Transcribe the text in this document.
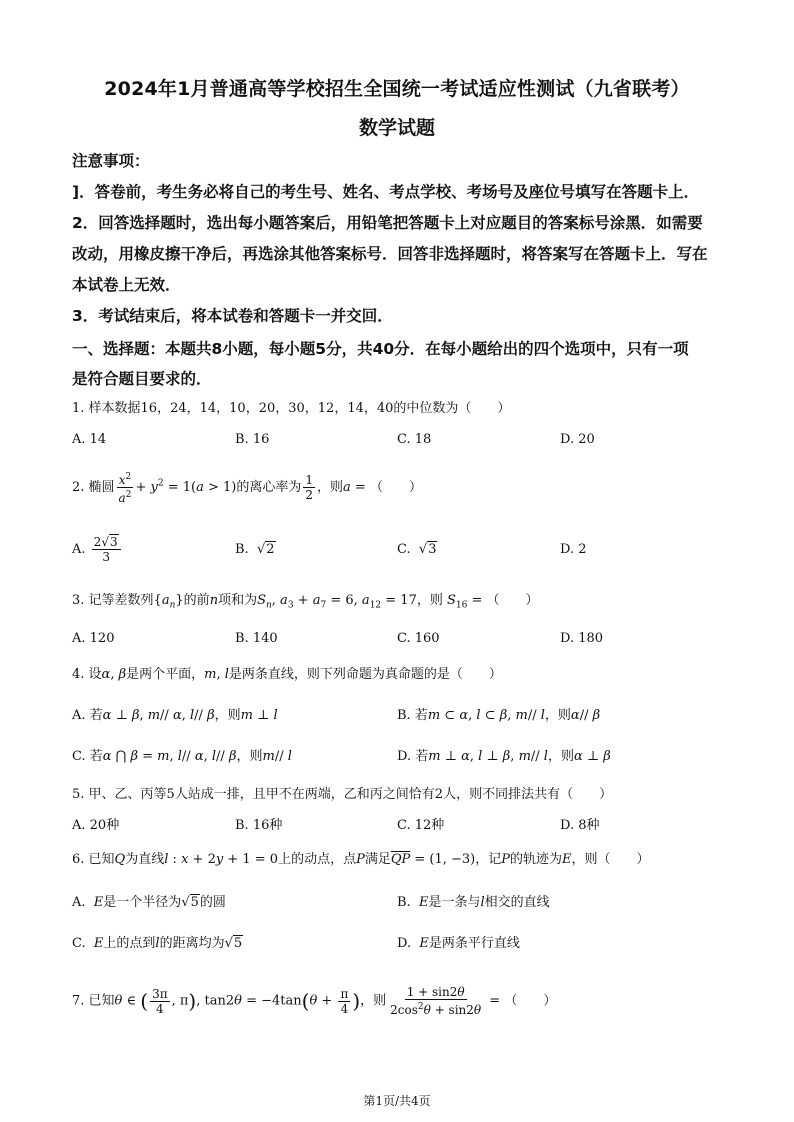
2024年1月普通高等学校招生全国统一考试适应性测试（九省联考）
数学试题
注意事项：
]．答卷前，考生务必将自己的考生号、姓名、考点学校、考场号及座位号填写在答题卡上．
2．回答选择题时，选出每小题答案后，用铅笔把答题卡上对应题目的答案标号涂黑．如需要
改动，用橡皮擦干净后，再选涂其他答案标号．回答非选择题时，将答案写在答题卡上．写在
本试卷上无效．
3．考试结束后，将本试卷和答题卡一并交回．
一、选择题：本题共8小题，每小题5分，共40分．在每小题给出的四个选项中，只有一项
是符合题目要求的．
1. 样本数据16，24，14，10，20，30，12，14，40的中位数为（　　）
A. 14	B. 16	C. 18	D. 20
2. 椭圆 $\frac{x^2}{a^2} + y^2 = 1(a > 1)$的离心率为 $\frac{1}{2}$ ，则a = （　　）
A. $\frac{2√3}{3}$	B. √2	C. √3	D. 2
3. 记等差数列$\{a_n\}$的前n项和为$S_n$, $a_3 + a_7 = 6$, $a_{12} = 17$，则 $S_{16}$ = （　　）
A. 120	B. 140	C. 160	D. 180
4. 设α, β是两个平面，m, l是两条直线，则下列命题为真命题的是（　　）
A. 若α ⊥ β, m// α, l// β，则m ⊥ l	B. 若m ⊂ α, l ⊂ β, m// l，则α// β
C. 若α ⋂ β = m, l// α, l// β，则m// l	D. 若m ⊥ α, l ⊥ β, m// l，则α ⊥ β
5. 甲、乙、丙等5人站成一排，且甲不在两端，乙和丙之间恰有2人，则不同排法共有（　　）
A. 20种	B. 16种	C. 12种	D. 8种
6. 已知Q为直线l : x + 2y + 1 = 0上的动点，点P满足$\overline{QP} = (1$, −3)，记P的轨迹为E，则（　　）
A. E是一个半径为√5的圆	B. E是一条与l相交的直线
C. E上的点到l的距离均为√5	D. E是两条平行直线
7. 已知θ ∈ ( $\frac{3\pi}{4}$ , π), $\tan 2\theta = -4\tan(\theta + \frac{\pi}{4}$ )，则 $\frac{1 + \sin 2\theta}{2\cos^2\theta + \sin 2\theta}$ = （　　）
第1页/共4页
